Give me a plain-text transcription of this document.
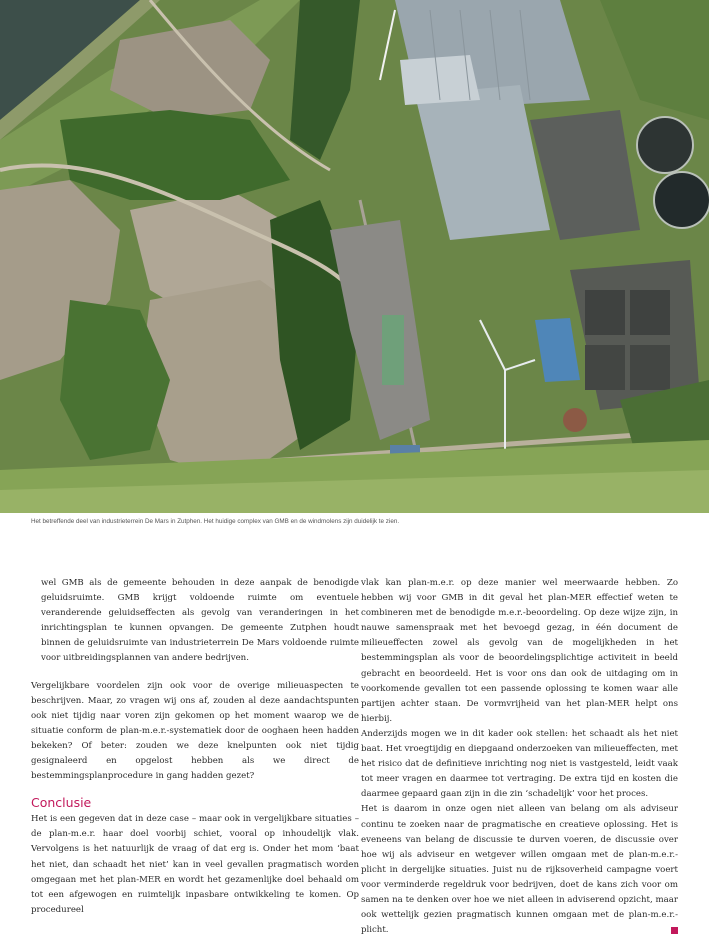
Het betreffende deel van industrieterrein De Mars in Zutphen. Het huidige complex van GMB en de windmolens zijn duidelijk te zien.

wel GMB als de gemeente behouden in deze aanpak de benodigde geluidsruimte. GMB krijgt voldoende ruimte om eventuele veranderende geluidseffecten als gevolg van veranderingen in het inrichtingsplan te kunnen opvangen. De gemeente Zutphen houdt binnen de geluidsruimte van industrieterrein De Mars voldoende ruimte voor uitbreidingsplannen van andere bedrijven.

Vergelijkbare voordelen zijn ook voor de overige milieuaspecten te beschrijven. Maar, zo vragen wij ons af, zouden al deze aandachtspunten ook niet tijdig naar voren zijn gekomen op het moment waarop we de situatie conform de plan-m.e.r.-systematiek door de ooghaen heen hadden bekeken? Of beter: zouden we deze knelpunten ook niet tijdig gesignaleerd en opgelost hebben als we direct de bestemmingsplanprocedure in gang hadden gezet?

Conclusie

Het is een gegeven dat in deze case – maar ook in vergelijkbare situaties – de plan-m.e.r. haar doel voorbij schiet, vooral op inhoudelijk vlak. Vervolgens is het natuurlijk de vraag of dat erg is. Onder het mom ‘baat het niet, dan schaadt het niet’ kan in veel gevallen pragmatisch worden omgegaan met het plan-MER en wordt het gezamenlijke doel behaald om tot een afgewogen en ruimtelijk inpasbare ontwikkeling te komen. Op procedureel

vlak kan plan-m.e.r. op deze manier wel meerwaarde hebben. Zo hebben wij voor GMB in dit geval het plan-MER effectief weten te combineren met de benodigde m.e.r.-beoordeling. Op deze wijze zijn, in nauwe samenspraak met het bevoegd gezag, in één document de milieueffecten zowel als gevolg van de mogelijkheden in het bestemmingsplan als voor de beoordelingsplichtige activiteit in beeld gebracht en beoordeeld. Het is voor ons dan ook de uitdaging om in voorkomende gevallen tot een passende oplossing te komen waar alle partijen achter staan. De vormvrijheid van het plan-MER helpt ons hierbij.

Anderzijds mogen we in dit kader ook stellen: het schaadt als het niet baat. Het vroegtijdig en diepgaand onderzoeken van milieueffecten, met het risico dat de definitieve inrichting nog niet is vastgesteld, leidt vaak tot meer vragen en daarmee tot vertraging. De extra tijd en kosten die daarmee gepaard gaan zijn in die zin ‘schadelijk’ voor het proces.

Het is daarom in onze ogen niet alleen van belang om als adviseur continu te zoeken naar de pragmatische en creatieve oplossing. Het is eveneens van belang de discussie te durven voeren, de discussie over hoe wij als adviseur en wetgever willen omgaan met de plan-m.e.r.-plicht in dergelijke situaties. Juist nu de rijksoverheid campagne voert voor verminderde regeldruk voor bedrijven, doet de kans zich voor om samen na te denken over hoe we niet alleen in adviserend opzicht, maar ook wettelijk gezien pragmatisch kunnen omgaan met de plan-m.e.r.-plicht.
